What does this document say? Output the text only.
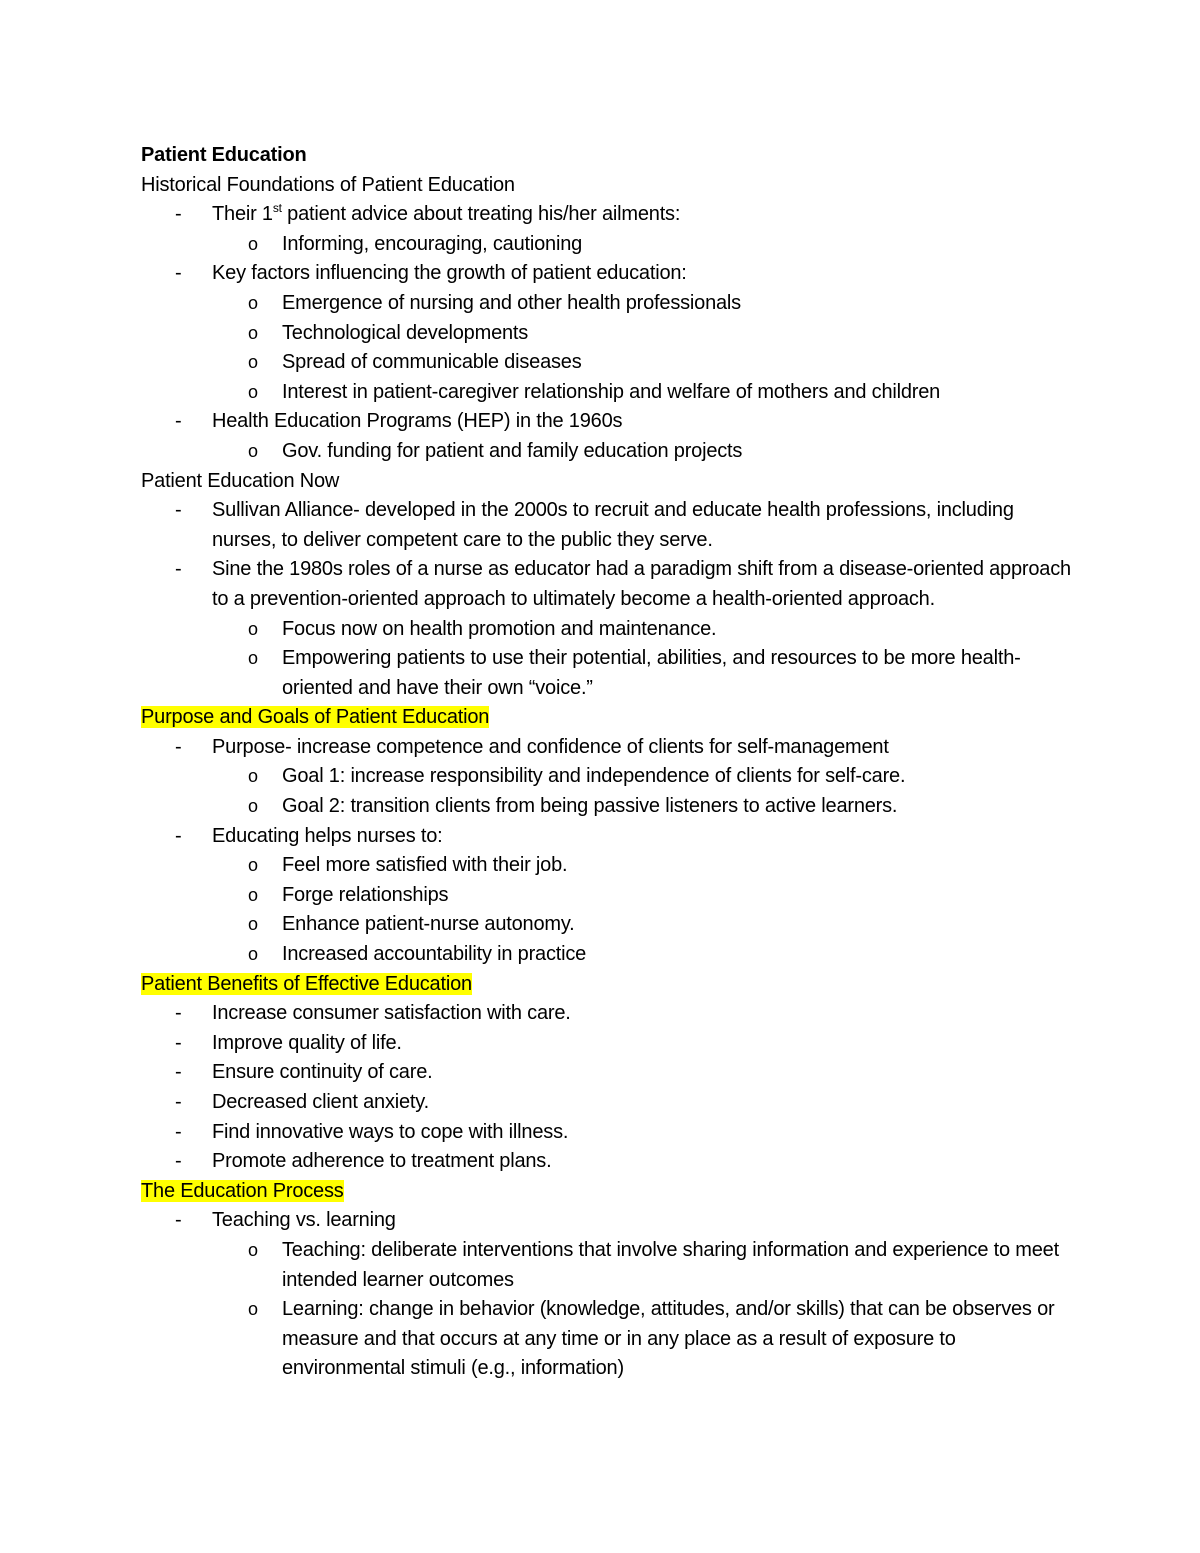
Patient Education
Historical Foundations of Patient Education
- Their 1st patient advice about treating his/her ailments:
o Informing, encouraging, cautioning
- Key factors influencing the growth of patient education:
o Emergence of nursing and other health professionals
o Technological developments
o Spread of communicable diseases
o Interest in patient-caregiver relationship and welfare of mothers and children
- Health Education Programs (HEP) in the 1960s
o Gov. funding for patient and family education projects
Patient Education Now
- Sullivan Alliance- developed in the 2000s to recruit and educate health professions, including nurses, to deliver competent care to the public they serve.
- Sine the 1980s roles of a nurse as educator had a paradigm shift from a disease-oriented approach to a prevention-oriented approach to ultimately become a health-oriented approach.
o Focus now on health promotion and maintenance.
o Empowering patients to use their potential, abilities, and resources to be more health-oriented and have their own “voice.”
Purpose and Goals of Patient Education
- Purpose- increase competence and confidence of clients for self-management
o Goal 1: increase responsibility and independence of clients for self-care.
o Goal 2: transition clients from being passive listeners to active learners.
- Educating helps nurses to:
o Feel more satisfied with their job.
o Forge relationships
o Enhance patient-nurse autonomy.
o Increased accountability in practice
Patient Benefits of Effective Education
- Increase consumer satisfaction with care.
- Improve quality of life.
- Ensure continuity of care.
- Decreased client anxiety.
- Find innovative ways to cope with illness.
- Promote adherence to treatment plans.
The Education Process
- Teaching vs. learning
o Teaching: deliberate interventions that involve sharing information and experience to meet intended learner outcomes
o Learning: change in behavior (knowledge, attitudes, and/or skills) that can be observes or measure and that occurs at any time or in any place as a result of exposure to environmental stimuli (e.g., information)
